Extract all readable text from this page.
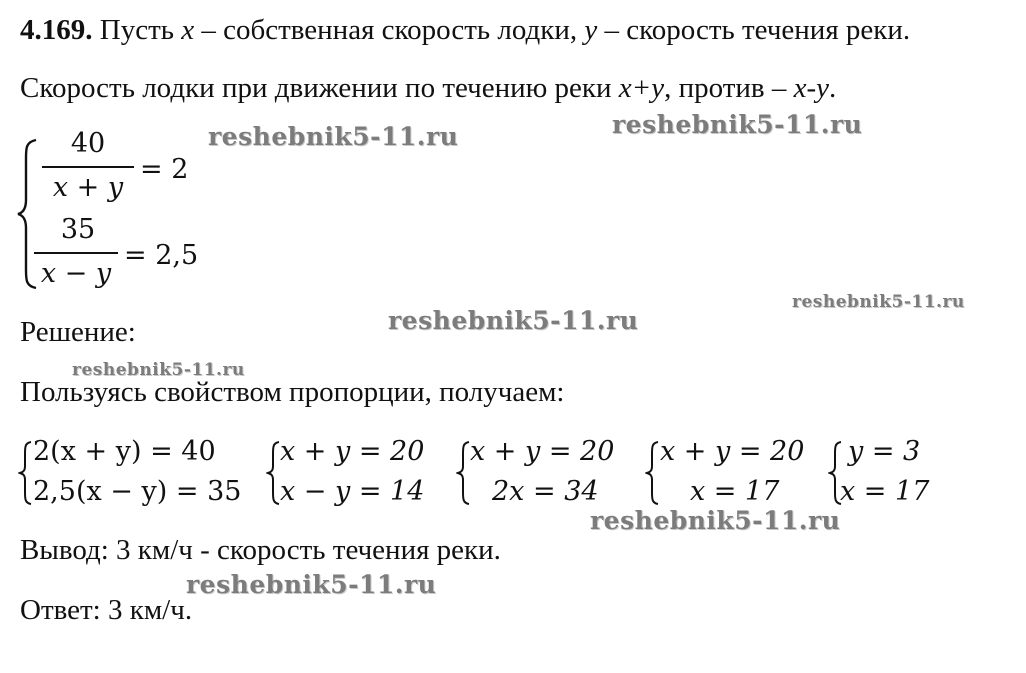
4.169. Пусть x – собственная скорость лодки, y – скорость течения реки.
Скорость лодки при движении по течению реки x+y, против – x-y.
40
x + y
= 2
35
x − y
= 2,5
Решение:
Пользуясь свойством пропорции, получаем:
2(x + y) = 40
2,5(x − y) = 35
x + y = 20
x − y = 14
x + y = 20
2x = 34
x + y = 20
x = 17
y = 3
x = 17
Вывод: 3 км/ч - скорость течения реки.
Ответ: 3 км/ч.
reshebnik5-11.ru	reshebnik5-11.ru
reshebnik5-11.ru
reshebnik5-11.ru
reshebnik5-11.ru
reshebnik5-11.ru
reshebnik5-11.ru
